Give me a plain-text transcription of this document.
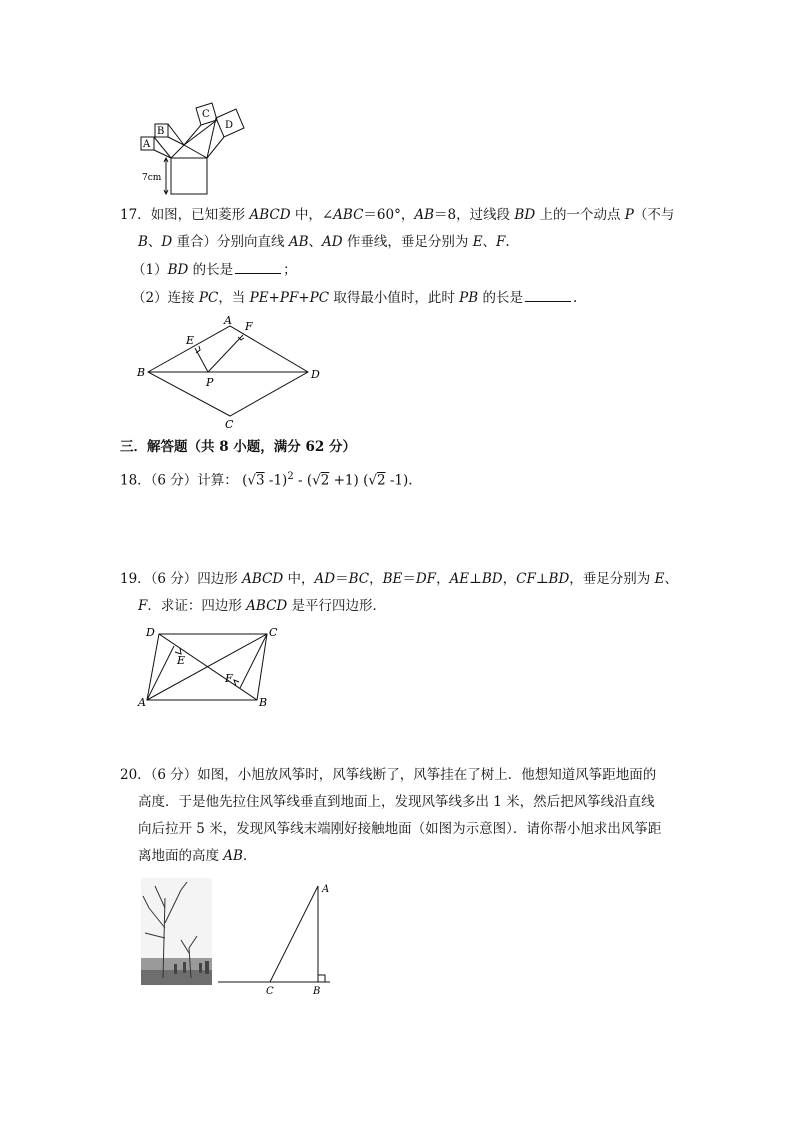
A
B
C
D
7cm
17．如图，已知菱形 ABCD 中，∠ABC＝60°，AB＝8，过线段 BD 上的一个动点 P（不与
B、D 重合）分别向直线 AB、AD 作垂线，垂足分别为 E、F.
（1）BD 的长是	；
（2）连接 PC，当 PE+PF+PC 取得最小值时，此时 PB 的长是	.
A F
E
B	D
P
C
三．解答题（共 8 小题，满分 62 分）
18．（6 分）计算： (√3 -1)$^2$ - (√2 +1) (√2 -1).
19．（6 分）四边形 ABCD 中，AD＝BC，BE＝DF，AE⊥BD，CF⊥BD，垂足分别为 E、
F．求证：四边形 ABCD 是平行四边形．
D	C
E
F
A	B
20．（6 分）如图，小旭放风筝时，风筝线断了，风筝挂在了树上．他想知道风筝距地面的
高度．于是他先拉住风筝线垂直到地面上，发现风筝线多出 1 米，然后把风筝线沿直线
向后拉开 5 米，发现风筝线末端刚好接触地面（如图为示意图）．请你帮小旭求出风筝距
离地面的高度 AB．
A
C	B
